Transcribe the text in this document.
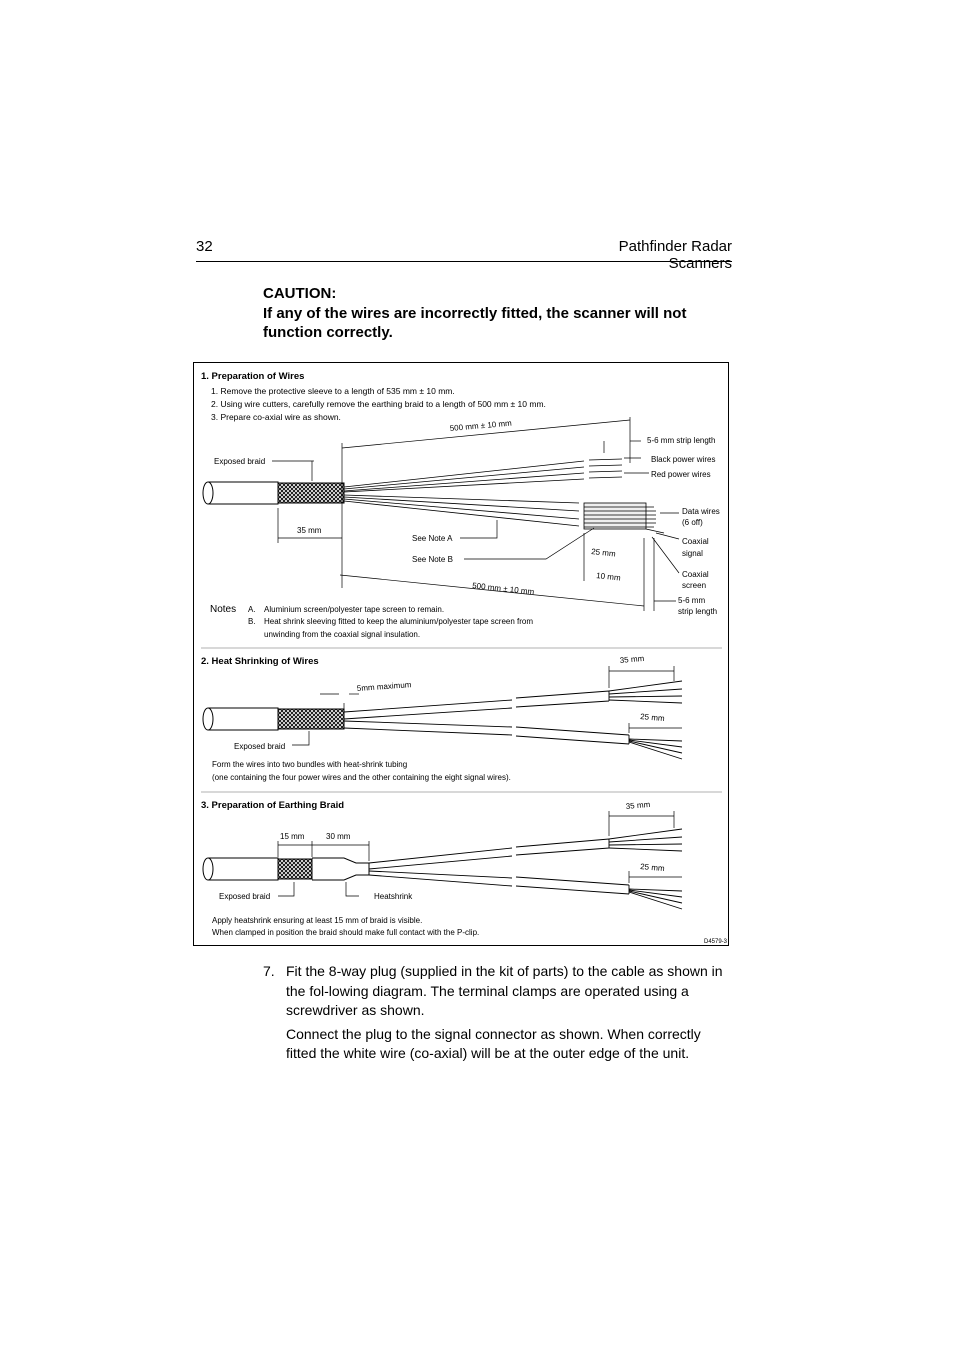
32	Pathfinder Radar Scanners
CAUTION:
If any of the wires are incorrectly fitted, the scanner will not function correctly.
1. Preparation of Wires
1. Remove the protective sleeve to a length of 535 mm ± 10 mm.
2. Using wire cutters, carefully remove the earthing braid to a length of 500 mm ± 10 mm.
3. Prepare co-axial wire as shown.
500 mm ± 10 mm
5-6 mm strip length
Black power wires
Red power wires
Exposed braid
35 mm
See Note A
See Note B
Data wires
(6 off)
Coaxial
signal
Coaxial
screen
5-6 mm
strip length
25 mm
10 mm
500 mm ± 10 mm
Notes A. Aluminium screen/polyester tape screen to remain.
B. Heat shrink sleeving fitted to keep the aluminium/polyester tape screen from
unwinding from the coaxial signal insulation.
2. Heat Shrinking of Wires
5mm maximum
35 mm
25 mm
Exposed braid
Form the wires into two bundles with heat-shrink tubing
(one containing the four power wires and the other containing the eight signal wires).
3. Preparation of Earthing Braid
15 mm	30 mm
35 mm
25 mm
Exposed braid	Heatshrink
Apply heatshrink ensuring at least 15 mm of braid is visible.
When clamped in position the braid should make full contact with the P-clip.
D4579-3
7. Fit the 8-way plug (supplied in the kit of parts) to the cable as shown in the fol-lowing diagram. The terminal clamps are operated using a screwdriver as shown.

Connect the plug to the signal connector as shown. When correctly fitted the white wire (co-axial) will be at the outer edge of the unit.
